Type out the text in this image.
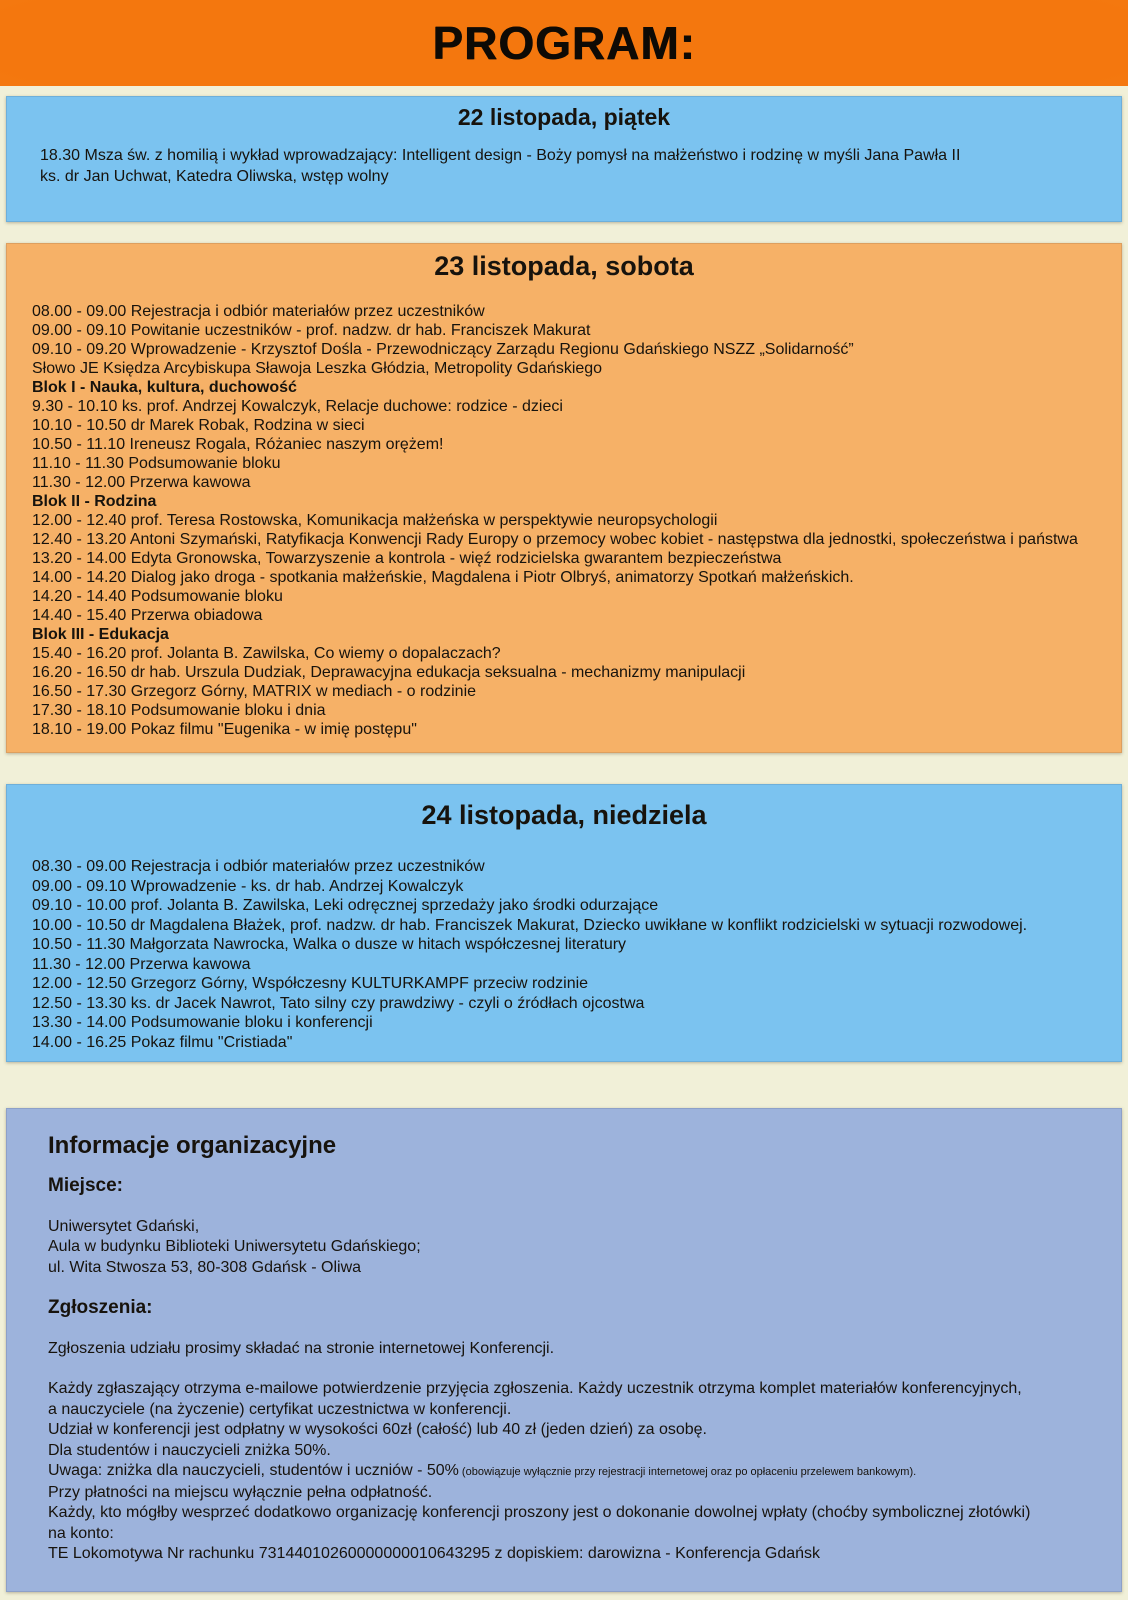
PROGRAM:
22 listopada, piątek
18.30 Msza św. z homilią i wykład wprowadzający: Intelligent design - Boży pomysł na małżeństwo i rodzinę w myśli Jana Pawła II
ks. dr Jan Uchwat, Katedra Oliwska, wstęp wolny
23 listopada, sobota
08.00 - 09.00 Rejestracja i odbiór materiałów przez uczestników
09.00 - 09.10 Powitanie uczestników - prof. nadzw. dr hab. Franciszek Makurat
09.10 - 09.20 Wprowadzenie - Krzysztof Dośla - Przewodniczący Zarządu Regionu Gdańskiego NSZZ „Solidarność”
Słowo JE Księdza Arcybiskupa Sławoja Leszka Głódzia, Metropolity Gdańskiego
Blok I - Nauka, kultura, duchowość
9.30 - 10.10 ks. prof. Andrzej Kowalczyk, Relacje duchowe: rodzice - dzieci
10.10 - 10.50 dr Marek Robak, Rodzina w sieci
10.50 - 11.10 Ireneusz Rogala, Różaniec naszym orężem!
11.10 - 11.30 Podsumowanie bloku
11.30 - 12.00 Przerwa kawowa
Blok II - Rodzina
12.00 - 12.40 prof. Teresa Rostowska, Komunikacja małżeńska w perspektywie neuropsychologii
12.40 - 13.20 Antoni Szymański, Ratyfikacja Konwencji Rady Europy o przemocy wobec kobiet - następstwa dla jednostki, społeczeństwa i państwa
13.20 - 14.00 Edyta Gronowska, Towarzyszenie a kontrola - więź rodzicielska gwarantem bezpieczeństwa
14.00 - 14.20 Dialog jako droga - spotkania małżeńskie, Magdalena i Piotr Olbryś, animatorzy Spotkań małżeńskich.
14.20 - 14.40 Podsumowanie bloku
14.40 - 15.40 Przerwa obiadowa
Blok III - Edukacja
15.40 - 16.20 prof. Jolanta B. Zawilska, Co wiemy o dopalaczach?
16.20 - 16.50 dr hab. Urszula Dudziak, Deprawacyjna edukacja seksualna - mechanizmy manipulacji
16.50 - 17.30 Grzegorz Górny, MATRIX w mediach - o rodzinie
17.30 - 18.10 Podsumowanie bloku i dnia
18.10 - 19.00 Pokaz filmu "Eugenika - w imię postępu"
24 listopada, niedziela
08.30 - 09.00 Rejestracja i odbiór materiałów przez uczestników
09.00 - 09.10 Wprowadzenie - ks. dr hab. Andrzej Kowalczyk
09.10 - 10.00 prof. Jolanta B. Zawilska, Leki odręcznej sprzedaży jako środki odurzające
10.00 - 10.50 dr Magdalena Błażek, prof. nadzw. dr hab. Franciszek Makurat, Dziecko uwikłane w konflikt rodzicielski w sytuacji rozwodowej.
10.50 - 11.30 Małgorzata Nawrocka, Walka o dusze w hitach współczesnej literatury
11.30 - 12.00 Przerwa kawowa
12.00 - 12.50 Grzegorz Górny, Współczesny KULTURKAMPF przeciw rodzinie
12.50 - 13.30 ks. dr Jacek Nawrot, Tato silny czy prawdziwy - czyli o źródłach ojcostwa
13.30 - 14.00 Podsumowanie bloku i konferencji
14.00 - 16.25 Pokaz filmu "Cristiada"
Informacje organizacyjne
Miejsce:
Uniwersytet Gdański,
Aula w budynku Biblioteki Uniwersytetu Gdańskiego;
ul. Wita Stwosza 53, 80-308 Gdańsk - Oliwa
Zgłoszenia:
Zgłoszenia udziału prosimy składać na stronie internetowej Konferencji.
Każdy zgłaszający otrzyma e-mailowe potwierdzenie przyjęcia zgłoszenia. Każdy uczestnik otrzyma komplet materiałów konferencyjnych,
a nauczyciele (na życzenie) certyfikat uczestnictwa w konferencji.
Udział w konferencji jest odpłatny w wysokości 60zł (całość) lub 40 zł (jeden dzień) za osobę.
Dla studentów i nauczycieli zniżka 50%.
Uwaga: zniżka dla nauczycieli, studentów i uczniów - 50% (obowiązuje wyłącznie przy rejestracji internetowej oraz po opłaceniu przelewem bankowym).
Przy płatności na miejscu wyłącznie pełna odpłatność.
Każdy, kto mógłby wesprzeć dodatkowo organizację konferencji proszony jest o dokonanie dowolnej wpłaty (choćby symbolicznej złotówki)
na konto:
TE Lokomotywa Nr rachunku 73144010260000000010643295 z dopiskiem: darowizna - Konferencja Gdańsk
